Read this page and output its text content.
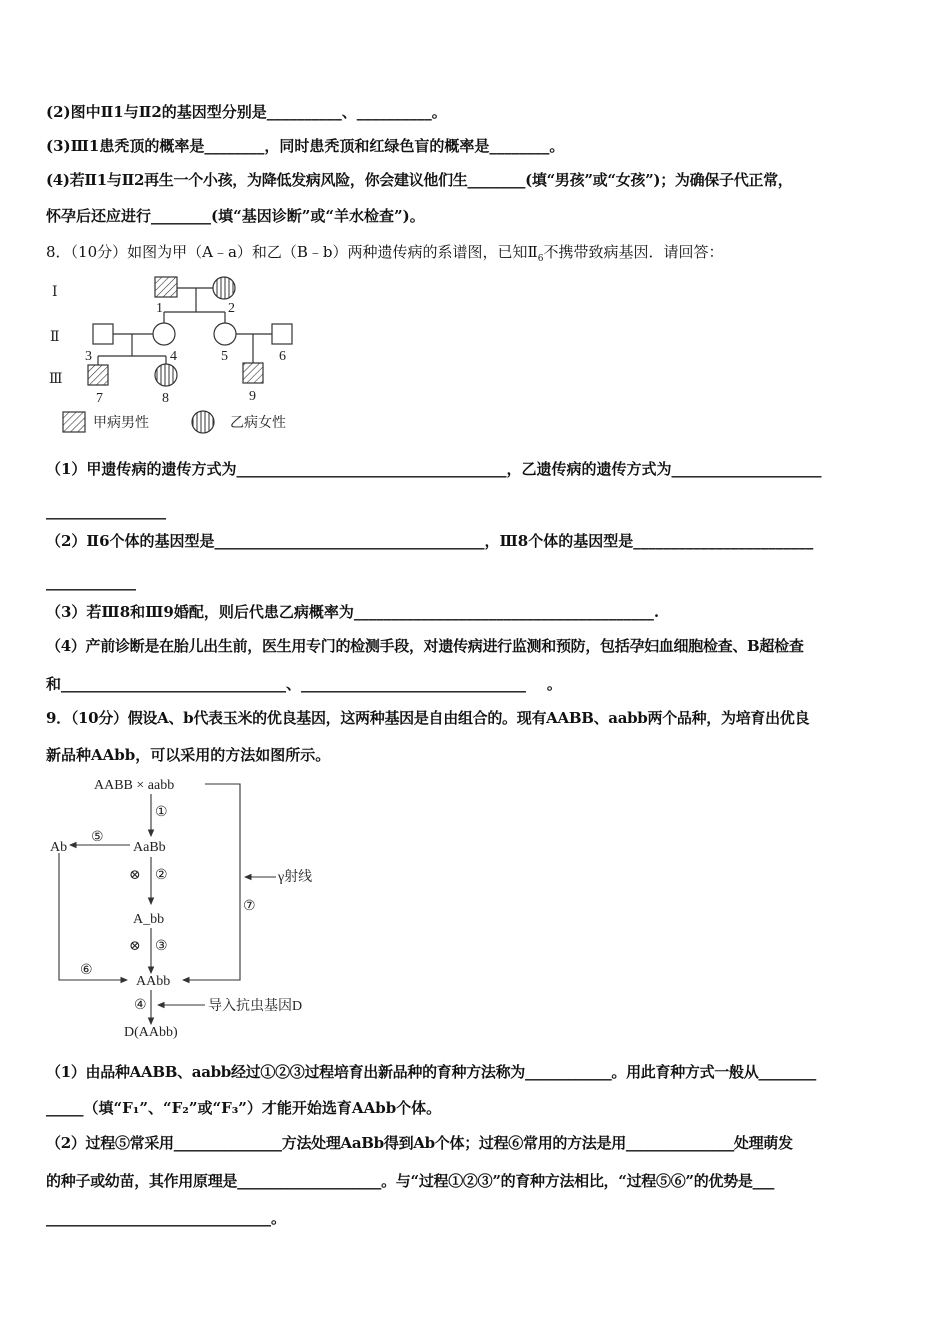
(2)图中Ⅱ1与Ⅱ2的基因型分别是__________、__________。
(3)Ⅲ1患秃顶的概率是________，同时患秃顶和红绿色盲的概率是________。
(4)若Ⅱ1与Ⅱ2再生一个小孩，为降低发病风险，你会建议他们生________(填“男孩”或“女孩”)；为确保子代正常，
怀孕后还应进行________(填“基因诊断”或“羊水检查”)。
8．（10分）如图为甲（A﹣a）和乙（B﹣b）两种遗传病的系谱图，已知$Ⅱ_6$不携带致病基因．请回答：
Ⅰ
Ⅱ
Ⅲ
1	2
3	4	5	6
7	8	9
甲病男性	乙病女性
AABB × aabb
①
AaBb
⑤
Ab
⑥
⊗ ②
A_bb
⊗ ③
AAbb
γ射线
⑦
④	导入抗虫基因D
D(AAbb)
（1）甲遗传病的遗传方式为____________________________________，乙遗传病的遗传方式为____________________
________________
（2）Ⅱ6个体的基因型是____________________________________，Ⅲ8个体的基因型是________________________
____________
（3）若Ⅲ8和Ⅲ9婚配，则后代患乙病概率为________________________________________.
（4）产前诊断是在胎儿出生前，医生用专门的检测手段，对遗传病进行监测和预防，包括孕妇血细胞检查、B超检查
和______________________________、______________________________    。
9．（10分）假设A、b代表玉米的优良基因，这两种基因是自由组合的。现有AABB、aabb两个品种，为培育出优良
新品种AAbb，可以采用的方法如图所示。
（1）由品种AABB、aabb经过①②③过程培育出新品种的育种方法称为____________。用此育种方式一般从________
_____（填“F₁”、“F₂”或“F₃”）才能开始选育AAbb个体。
（2）过程⑤常采用_______________方法处理AaBb得到Ab个体；过程⑥常用的方法是用_______________处理萌发
的种子或幼苗，其作用原理是____________________。与“过程①②③”的育种方法相比，“过程⑤⑥”的优势是___
______________________________。
